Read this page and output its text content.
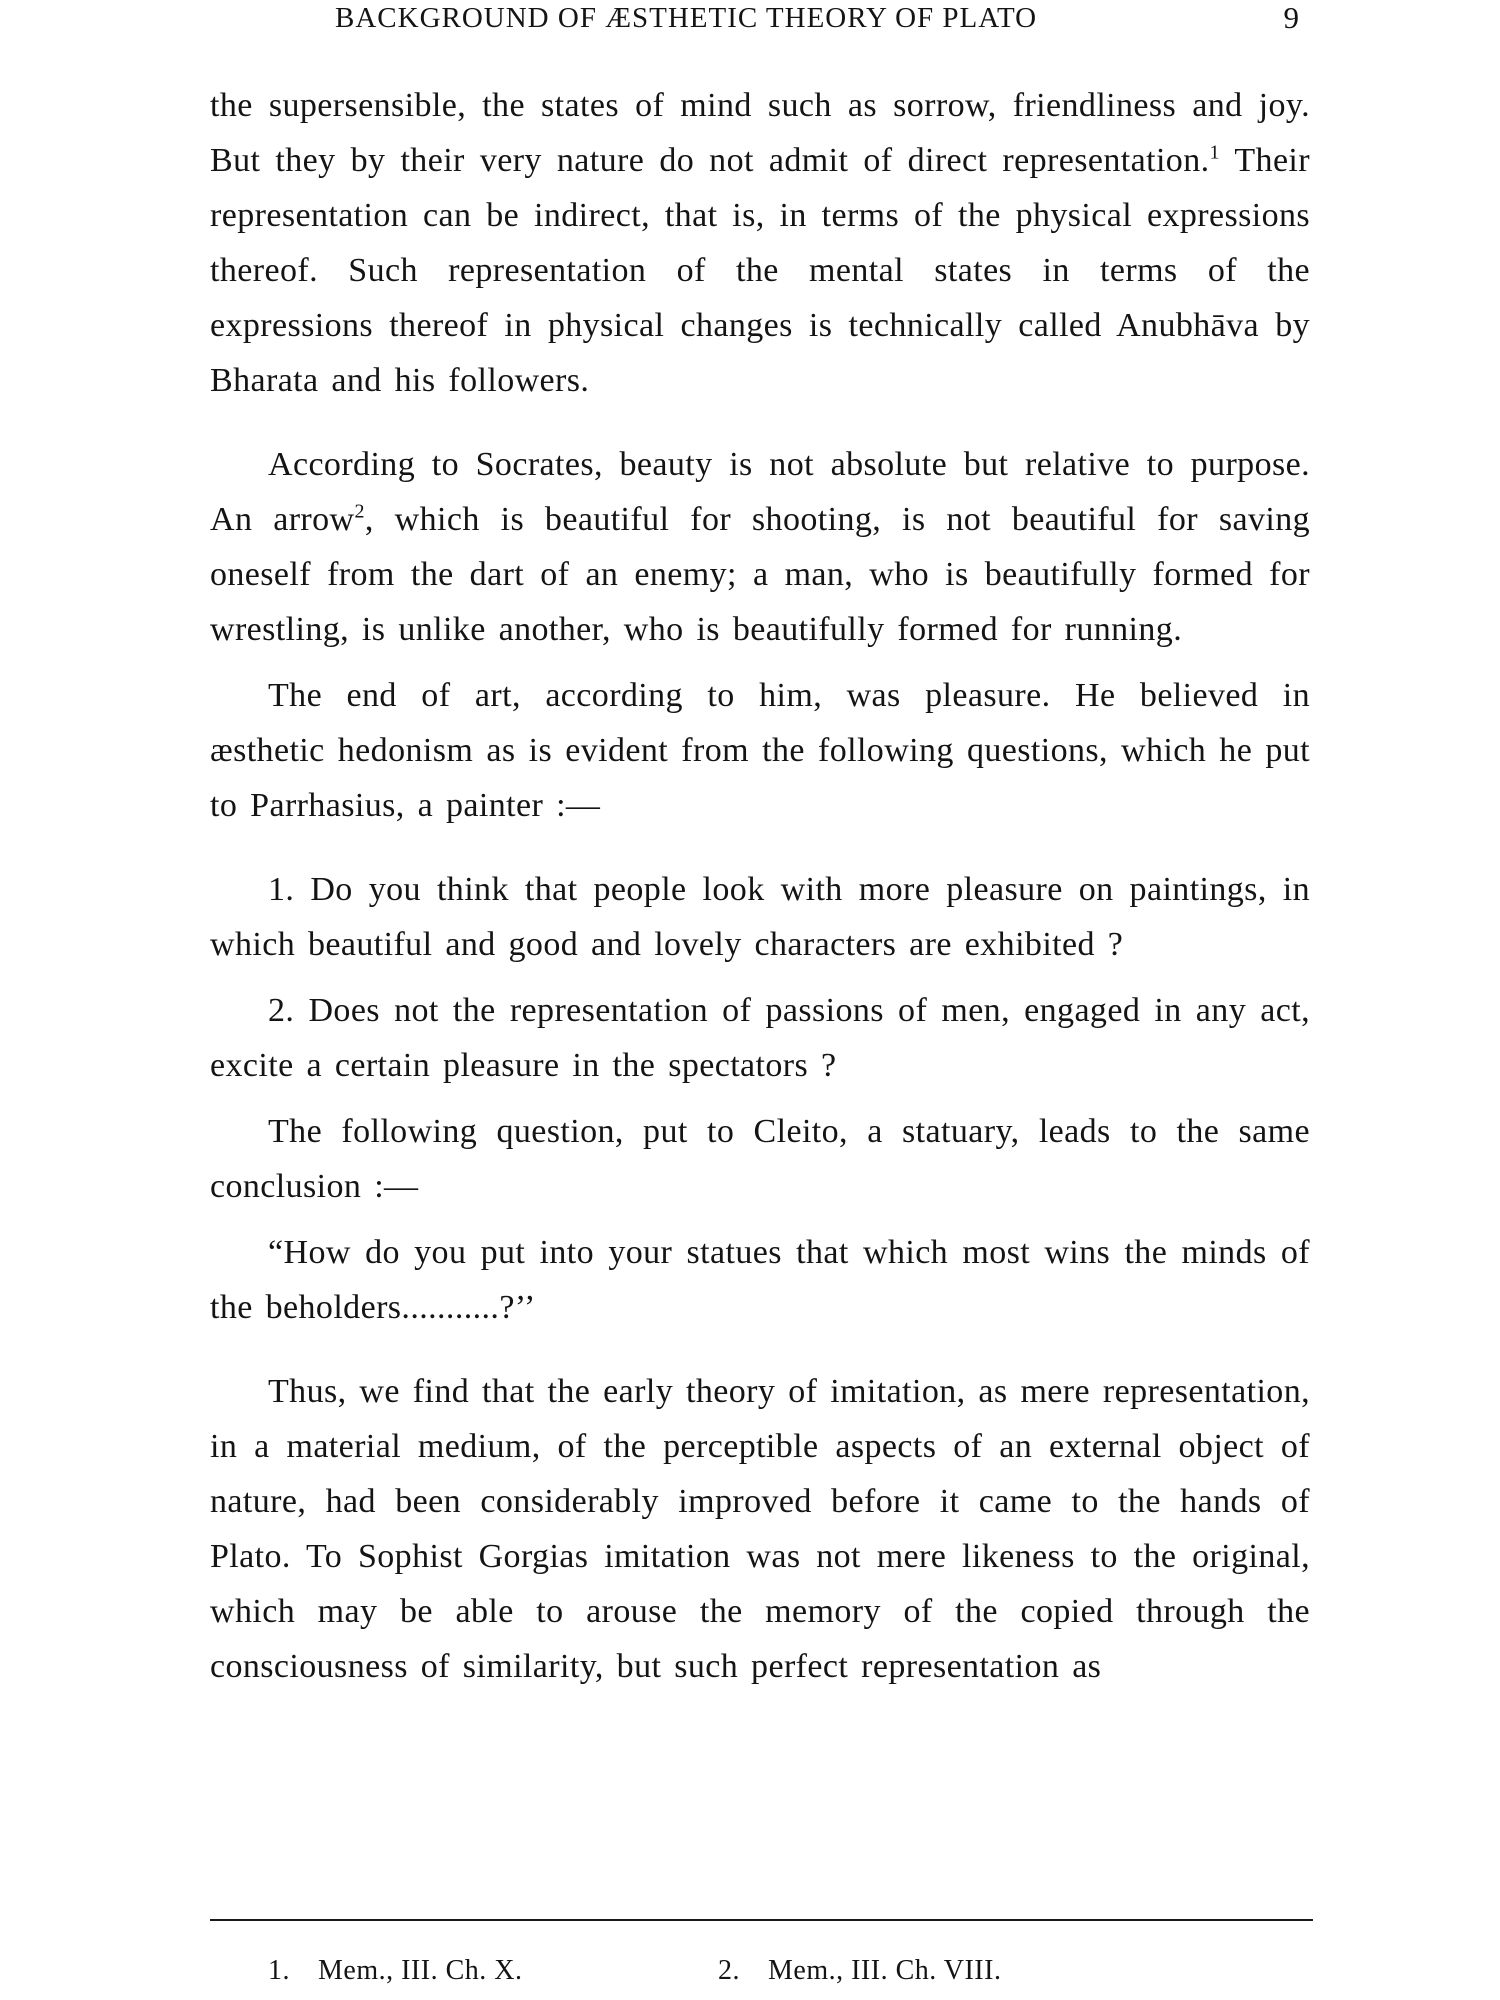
BACKGROUND OF ÆSTHETIC THEORY OF PLATO	9

the supersensible, the states of mind such as sorrow, friendliness and joy. But they by their very nature do not admit of direct representation.$^1$ Their representation can be indirect, that is, in terms of the physical expressions thereof. Such representation of the mental states in terms of the expressions thereof in physical changes is technically called Anubhāva by Bharata and his followers.

According to Socrates, beauty is not absolute but relative to purpose. An arrow$^2$, which is beautiful for shooting, is not beautiful for saving oneself from the dart of an enemy; a man, who is beautifully formed for wrestling, is unlike another, who is beautifully formed for running.

The end of art, according to him, was pleasure. He believed in æsthetic hedonism as is evident from the following questions, which he put to Parrhasius, a painter :—

1. Do you think that people look with more pleasure on paintings, in which beautiful and good and lovely characters are exhibited ?

2. Does not the representation of passions of men, engaged in any act, excite a certain pleasure in the spectators ?

The following question, put to Cleito, a statuary, leads to the same conclusion :—

“How do you put into your statues that which most wins the minds of the beholders...........?’’

Thus, we find that the early theory of imitation, as mere representation, in a material medium, of the perceptible aspects of an external object of nature, had been considerably improved before it came to the hands of Plato. To Sophist Gorgias imitation was not mere likeness to the original, which may be able to arouse the memory of the copied through the consciousness of similarity, but such perfect representation as

1. Mem., III. Ch. X.	2. Mem., III. Ch. VIII.
